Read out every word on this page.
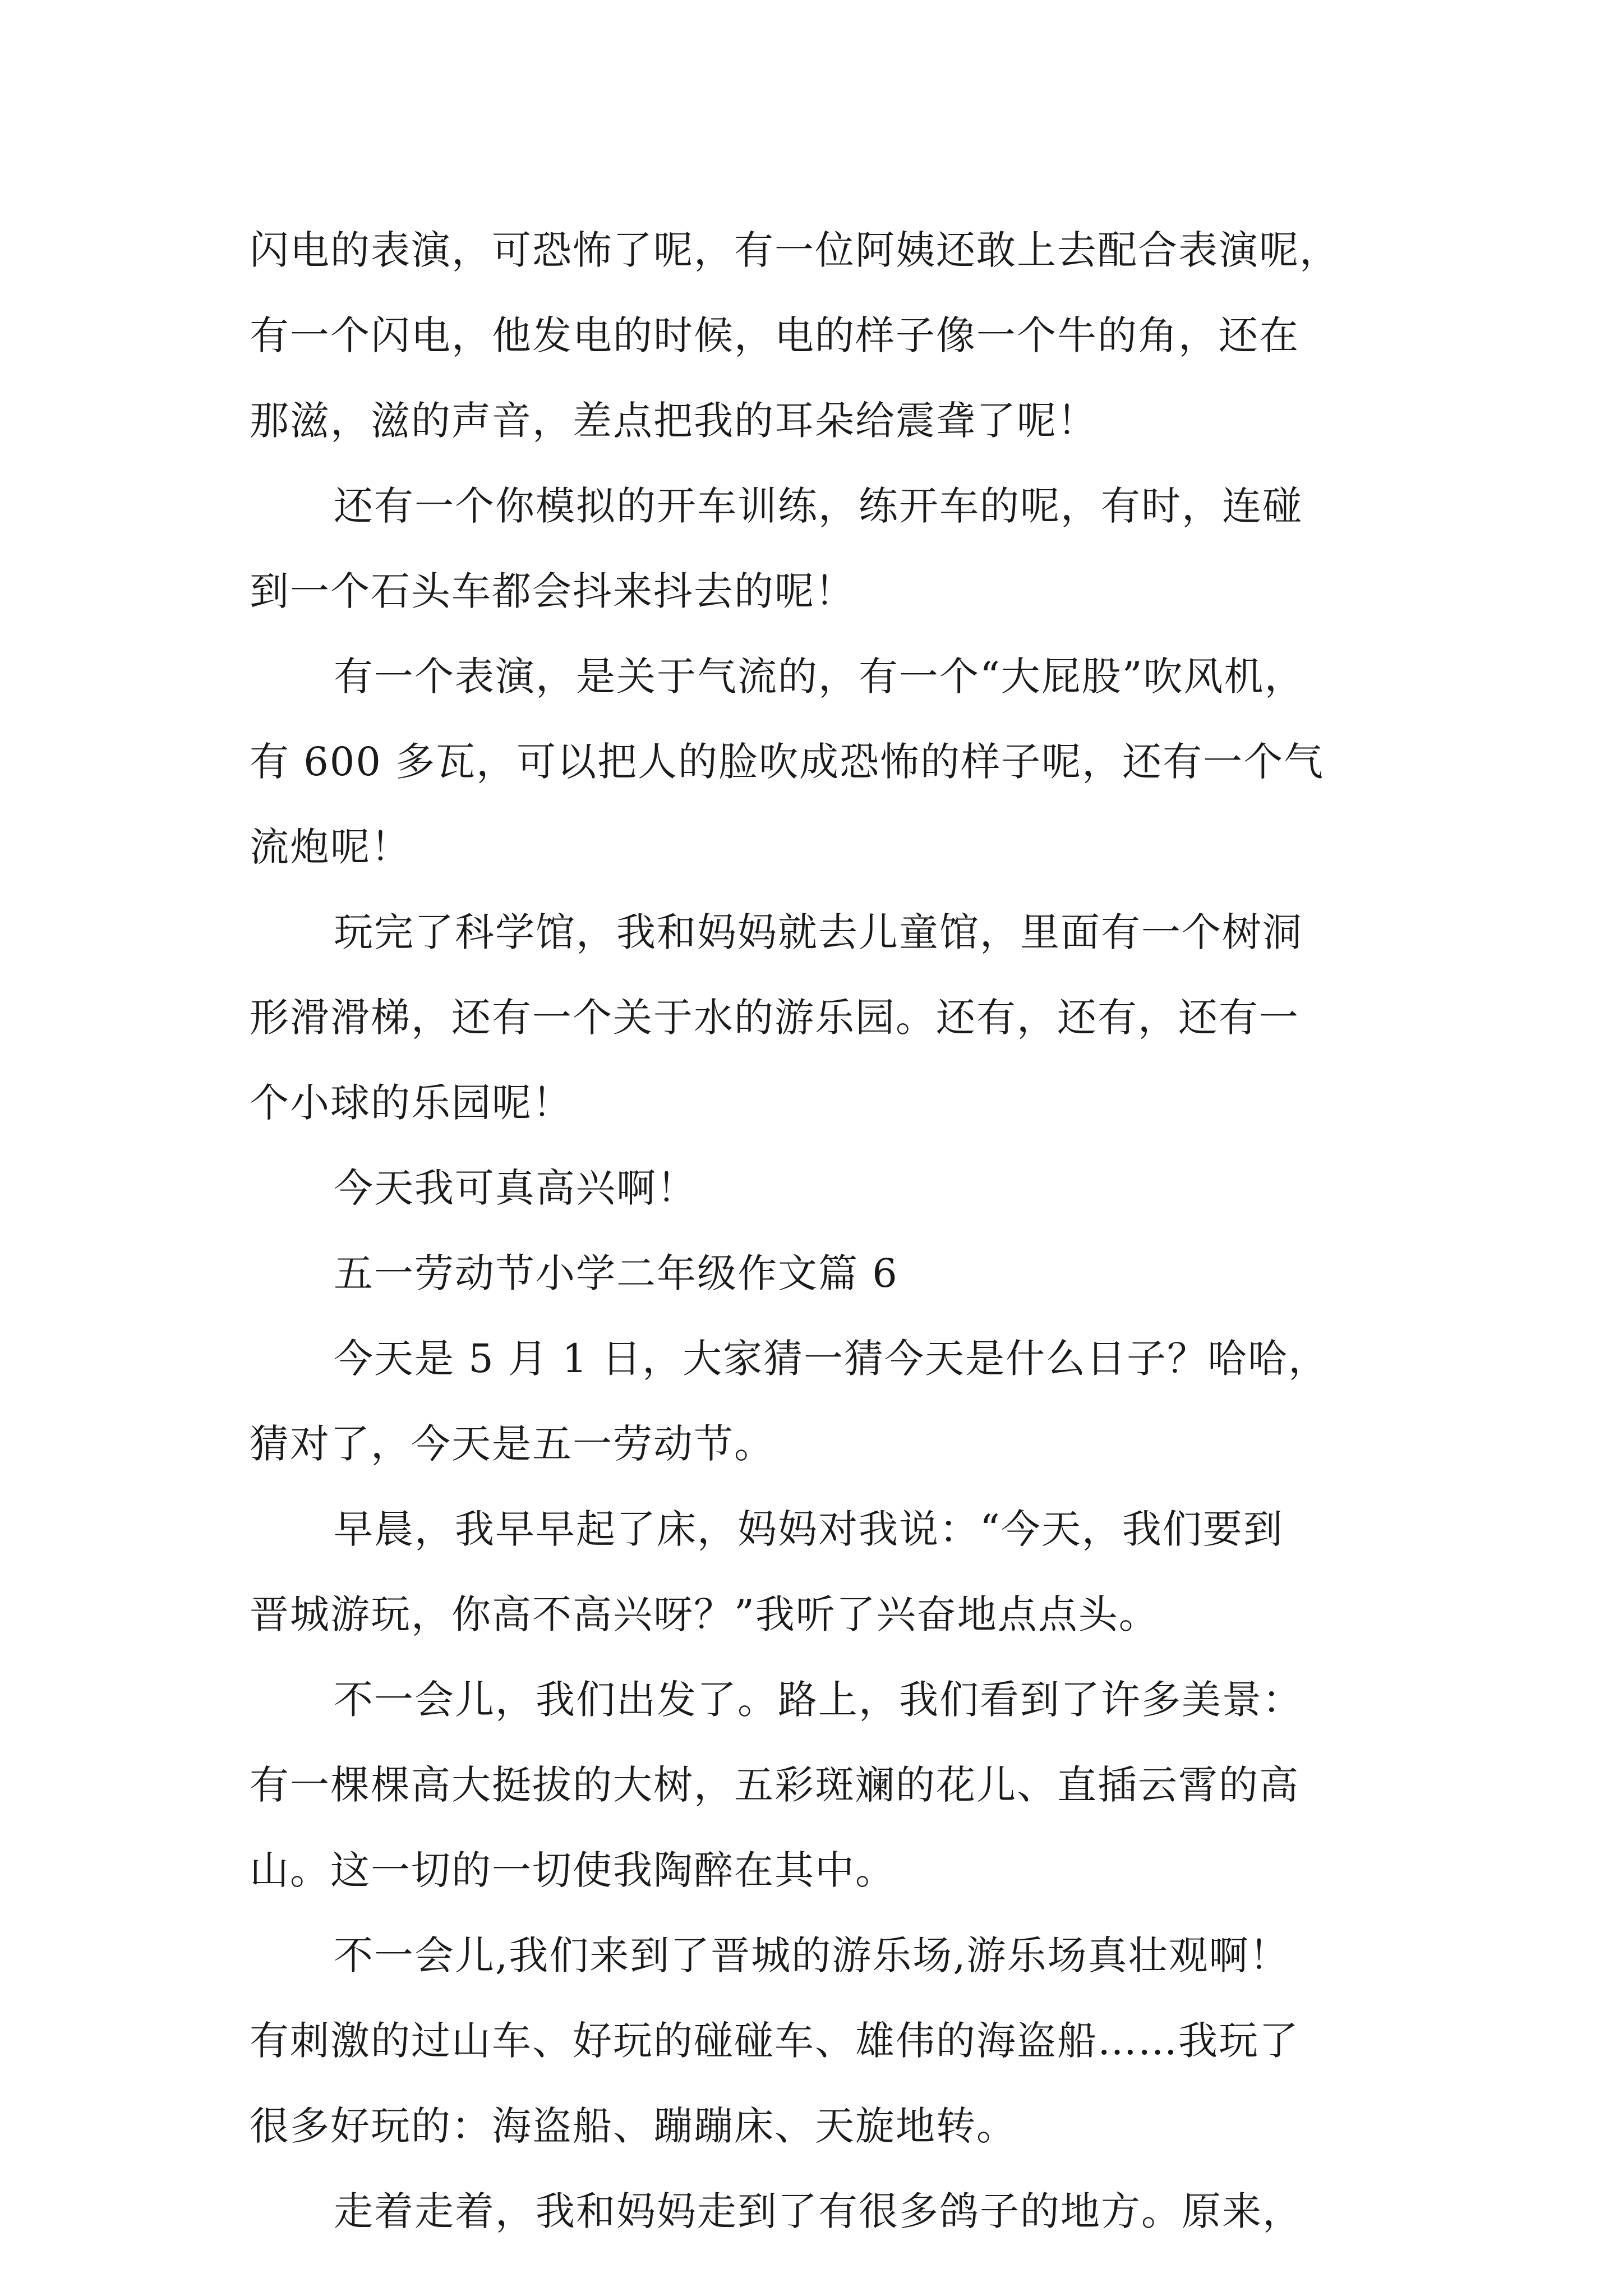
闪电的表演，可恐怖了呢，有一位阿姨还敢上去配合表演呢，
有一个闪电，他发电的时候，电的样子像一个牛的角，还在
那滋，滋的声音，差点把我的耳朵给震聋了呢！
还有一个你模拟的开车训练，练开车的呢，有时，连碰
到一个石头车都会抖来抖去的呢！
有一个表演，是关于气流的，有一个“大屁股”吹风机，
有 600 多瓦，可以把人的脸吹成恐怖的样子呢，还有一个气
流炮呢！
玩完了科学馆，我和妈妈就去儿童馆，里面有一个树洞
形滑滑梯，还有一个关于水的游乐园。还有，还有，还有一
个小球的乐园呢！
今天我可真高兴啊！
五一劳动节小学二年级作文篇 6
今天是 5 月 1 日，大家猜一猜今天是什么日子？哈哈，
猜对了，今天是五一劳动节。
早晨，我早早起了床，妈妈对我说：“今天，我们要到
晋城游玩，你高不高兴呀？”我听了兴奋地点点头。
不一会儿，我们出发了。路上，我们看到了许多美景：
有一棵棵高大挺拔的大树，五彩斑斓的花儿、直插云霄的高
山。这一切的一切使我陶醉在其中。
不一会儿,我们来到了晋城的游乐场,游乐场真壮观啊！
有刺激的过山车、好玩的碰碰车、雄伟的海盗船……我玩了
很多好玩的：海盗船、蹦蹦床、天旋地转。
走着走着，我和妈妈走到了有很多鸽子的地方。原来，
